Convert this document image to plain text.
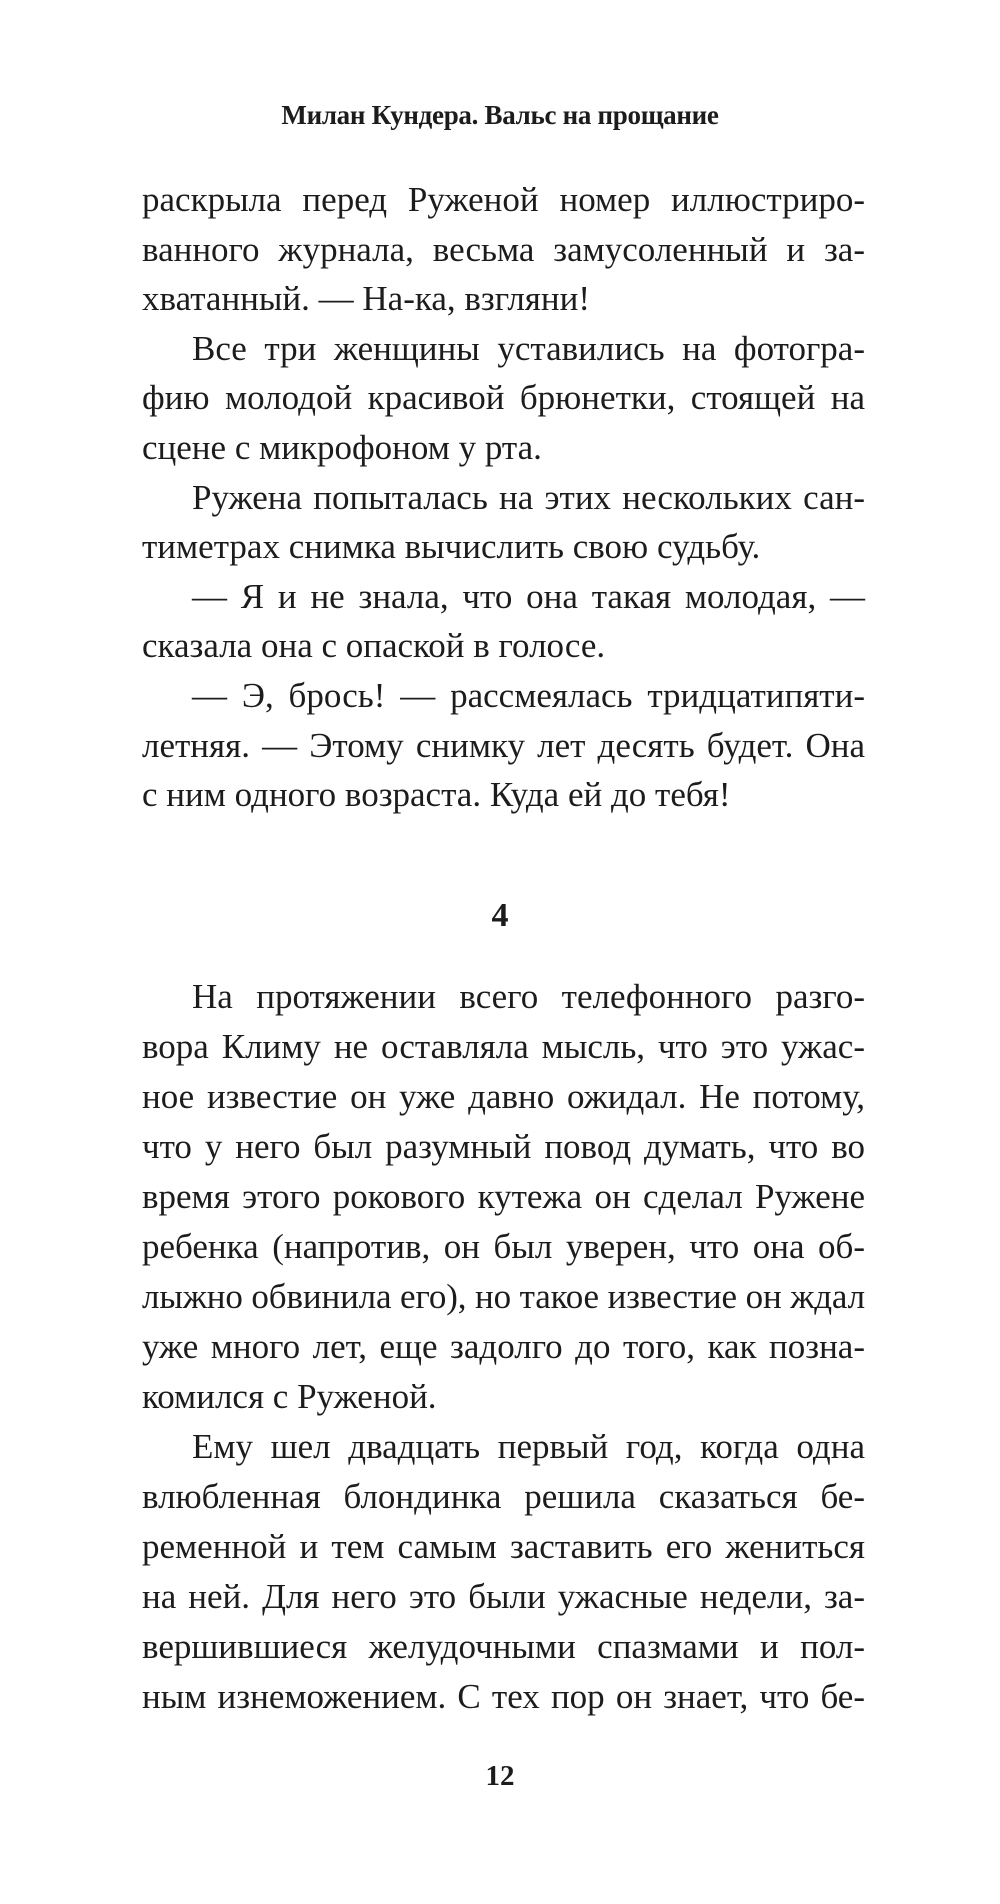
Милан Кундера. Вальс на прощание
раскрыла перед Руженой номер иллюстриро-
ванного журнала, весьма замусоленный и за-
хватанный. — На-ка, взгляни!
Все три женщины уставились на фотогра-
фию молодой красивой брюнетки, стоящей на
сцене с микрофоном у рта.
Ружена попыталась на этих нескольких сан-
тиметрах снимка вычислить свою судьбу.
— Я и не знала, что она такая молодая, —
сказала она с опаской в голосе.
— Э, брось! — рассмеялась тридцатипяти-
летняя. — Этому снимку лет десять будет. Она
с ним одного возраста. Куда ей до тебя!
4
На протяжении всего телефонного разго-
вора Климу не оставляла мысль, что это ужас-
ное известие он уже давно ожидал. Не потому,
что у него был разумный повод думать, что во
время этого рокового кутежа он сделал Ружене
ребенка (напротив, он был уверен, что она об-
лыжно обвинила его), но такое известие он ждал
уже много лет, еще задолго до того, как позна-
комился с Руженой.
Ему шел двадцать первый год, когда одна
влюбленная блондинка решила сказаться бе-
ременной и тем самым заставить его жениться
на ней. Для него это были ужасные недели, за-
вершившиеся желудочными спазмами и пол-
ным изнеможением. С тех пор он знает, что бе-
12
